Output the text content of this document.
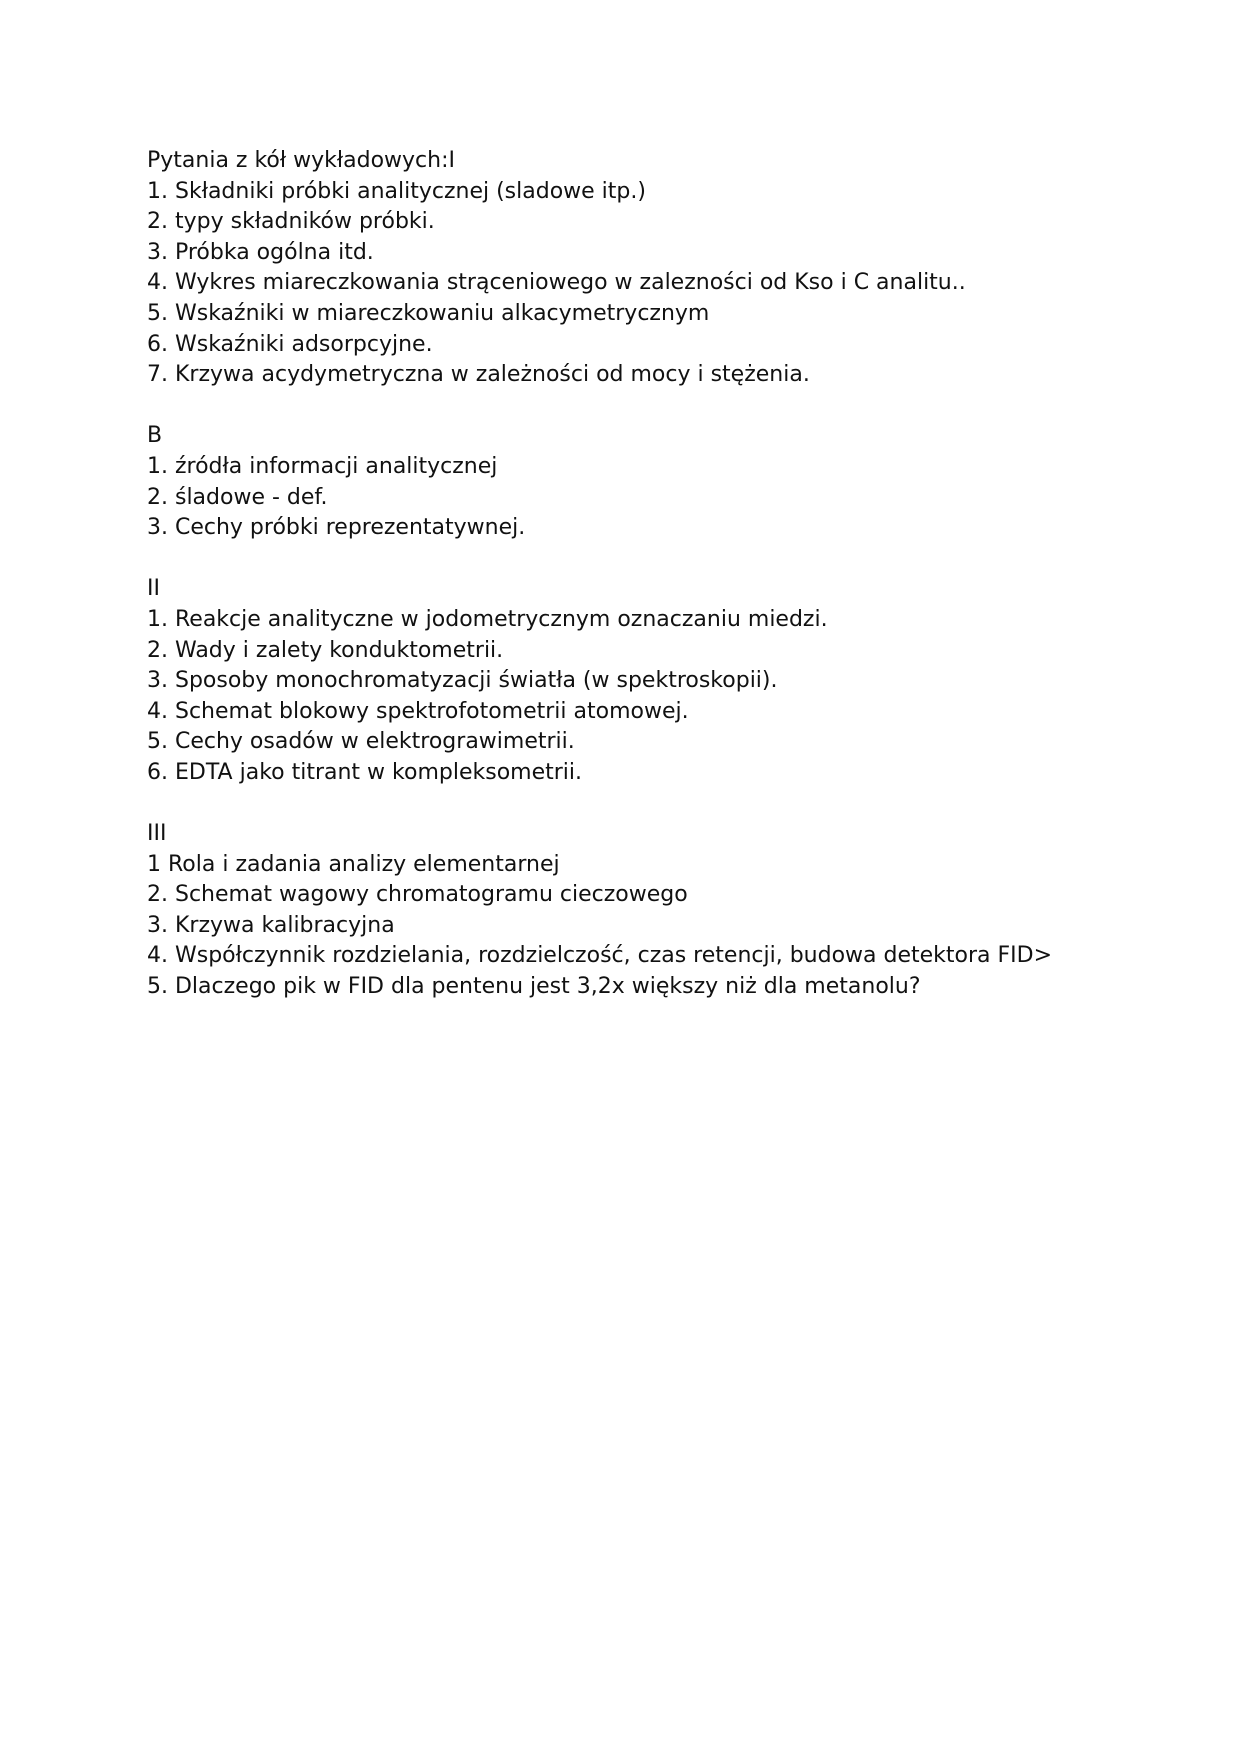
Pytania z kół wykładowych:I
1. Składniki próbki analitycznej (sladowe itp.)
2. typy składników próbki.
3. Próbka ogólna itd.
4. Wykres miareczkowania strąceniowego w zalezności od Kso i C analitu..
5. Wskaźniki w miareczkowaniu alkacymetrycznym
6. Wskaźniki adsorpcyjne.
7. Krzywa acydymetryczna w zależności od mocy i stężenia.
B
1. źródła informacji analitycznej
2. śladowe - def.
3. Cechy próbki reprezentatywnej.
II
1. Reakcje analityczne w jodometrycznym oznaczaniu miedzi.
2. Wady i zalety konduktometrii.
3. Sposoby monochromatyzacji światła (w spektroskopii).
4. Schemat blokowy spektrofotometrii atomowej.
5. Cechy osadów w elektrograwimetrii.
6. EDTA jako titrant w kompleksometrii.
III
1 Rola i zadania analizy elementarnej
2. Schemat wagowy chromatogramu cieczowego
3. Krzywa kalibracyjna
4. Współczynnik rozdzielania, rozdzielczość, czas retencji, budowa detektora FID>
5. Dlaczego pik w FID dla pentenu jest 3,2x większy niż dla metanolu?
